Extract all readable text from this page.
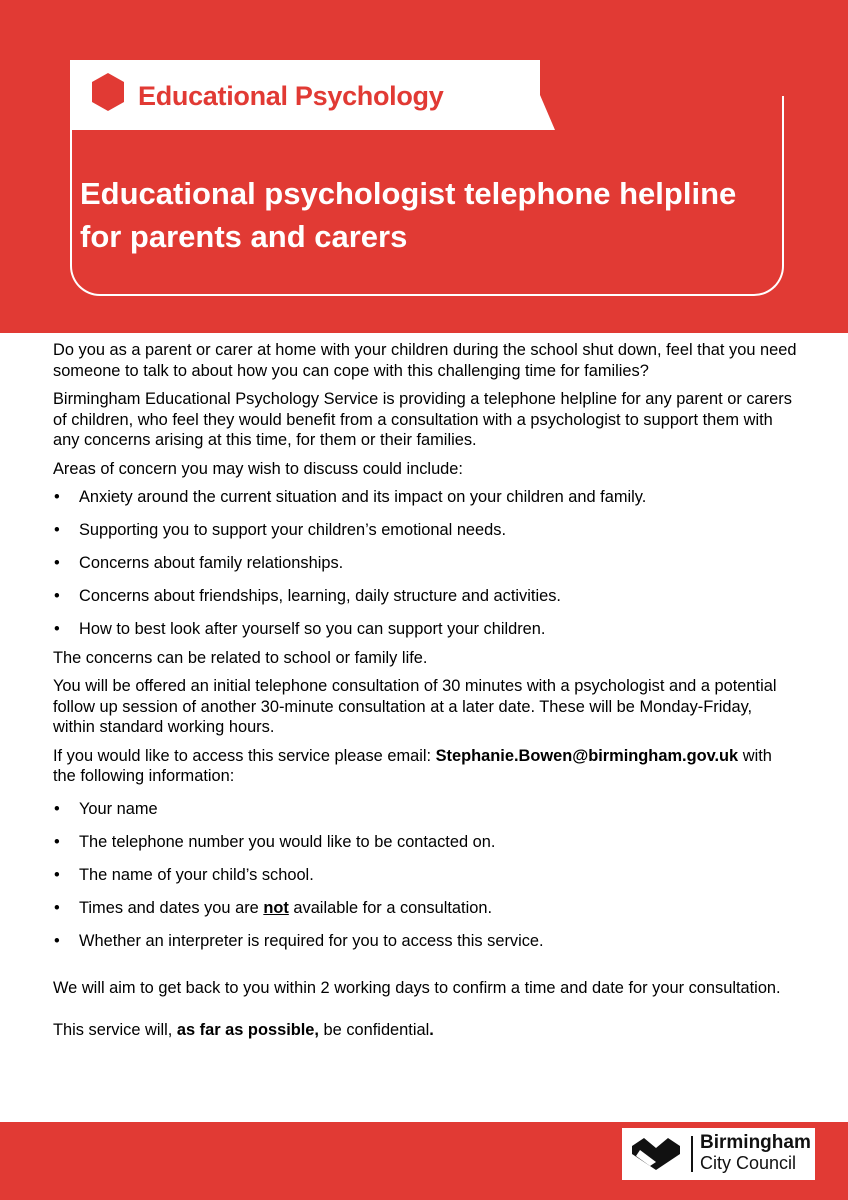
Educational Psychology
Educational psychologist telephone helpline for parents and carers

Do you as a parent or carer at home with your children during the school shut down, feel that you need someone to talk to about how you can cope with this challenging time for families?

Birmingham Educational Psychology Service is providing a telephone helpline for any parent or carers of children, who feel they would benefit from a consultation with a psychologist to support them with any concerns arising at this time, for them or their families.

Areas of concern you may wish to discuss could include:

• Anxiety around the current situation and its impact on your children and family.
• Supporting you to support your children’s emotional needs.
• Concerns about family relationships.
• Concerns about friendships, learning, daily structure and activities.
• How to best look after yourself so you can support your children.

The concerns can be related to school or family life.

You will be offered an initial telephone consultation of 30 minutes with a psychologist and a potential follow up session of another 30-minute consultation at a later date. These will be Monday-Friday, within standard working hours.

If you would like to access this service please email: Stephanie.Bowen@birmingham.gov.uk with the following information:

• Your name
• The telephone number you would like to be contacted on.
• The name of your child’s school.
• Times and dates you are not available for a consultation.
• Whether an interpreter is required for you to access this service.

We will aim to get back to you within 2 working days to confirm a time and date for your consultation.

This service will, as far as possible, be confidential.

Birmingham
City Council
